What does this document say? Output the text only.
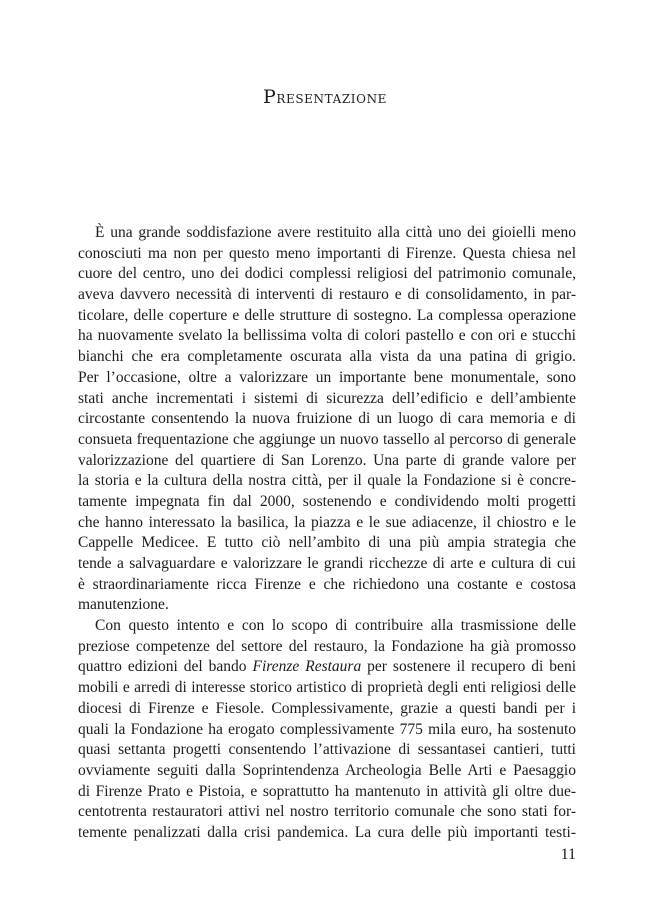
Presentazione
È una grande soddisfazione avere restituito alla città uno dei gioielli meno
conosciuti ma non per questo meno importanti di Firenze. Questa chiesa nel
cuore del centro, uno dei dodici complessi religiosi del patrimonio comunale,
aveva davvero necessità di interventi di restauro e di consolidamento, in par-
ticolare, delle coperture e delle strutture di sostegno. La complessa operazione
ha nuovamente svelato la bellissima volta di colori pastello e con ori e stucchi
bianchi che era completamente oscurata alla vista da una patina di grigio.
Per l’occasione, oltre a valorizzare un importante bene monumentale, sono
stati anche incrementati i sistemi di sicurezza dell’edificio e dell’ambiente
circostante consentendo la nuova fruizione di un luogo di cara memoria e di
consueta frequentazione che aggiunge un nuovo tassello al percorso di generale
valorizzazione del quartiere di San Lorenzo. Una parte di grande valore per
la storia e la cultura della nostra città, per il quale la Fondazione si è concre-
tamente impegnata fin dal 2000, sostenendo e condividendo molti progetti
che hanno interessato la basilica, la piazza e le sue adiacenze, il chiostro e le
Cappelle Medicee. E tutto ciò nell’ambito di una più ampia strategia che
tende a salvaguardare e valorizzare le grandi ricchezze di arte e cultura di cui
è straordinariamente ricca Firenze e che richiedono una costante e costosa
manutenzione.
Con questo intento e con lo scopo di contribuire alla trasmissione delle
preziose competenze del settore del restauro, la Fondazione ha già promosso
quattro edizioni del bando Firenze Restaura per sostenere il recupero di beni
mobili e arredi di interesse storico artistico di proprietà degli enti religiosi delle
diocesi di Firenze e Fiesole. Complessivamente, grazie a questi bandi per i
quali la Fondazione ha erogato complessivamente 775 mila euro, ha sostenuto
quasi settanta progetti consentendo l’attivazione di sessantasei cantieri, tutti
ovviamente seguiti dalla Soprintendenza Archeologia Belle Arti e Paesaggio
di Firenze Prato e Pistoia, e soprattutto ha mantenuto in attività gli oltre due-
centotrenta restauratori attivi nel nostro territorio comunale che sono stati for-
temente penalizzati dalla crisi pandemica. La cura delle più importanti testi-
11
